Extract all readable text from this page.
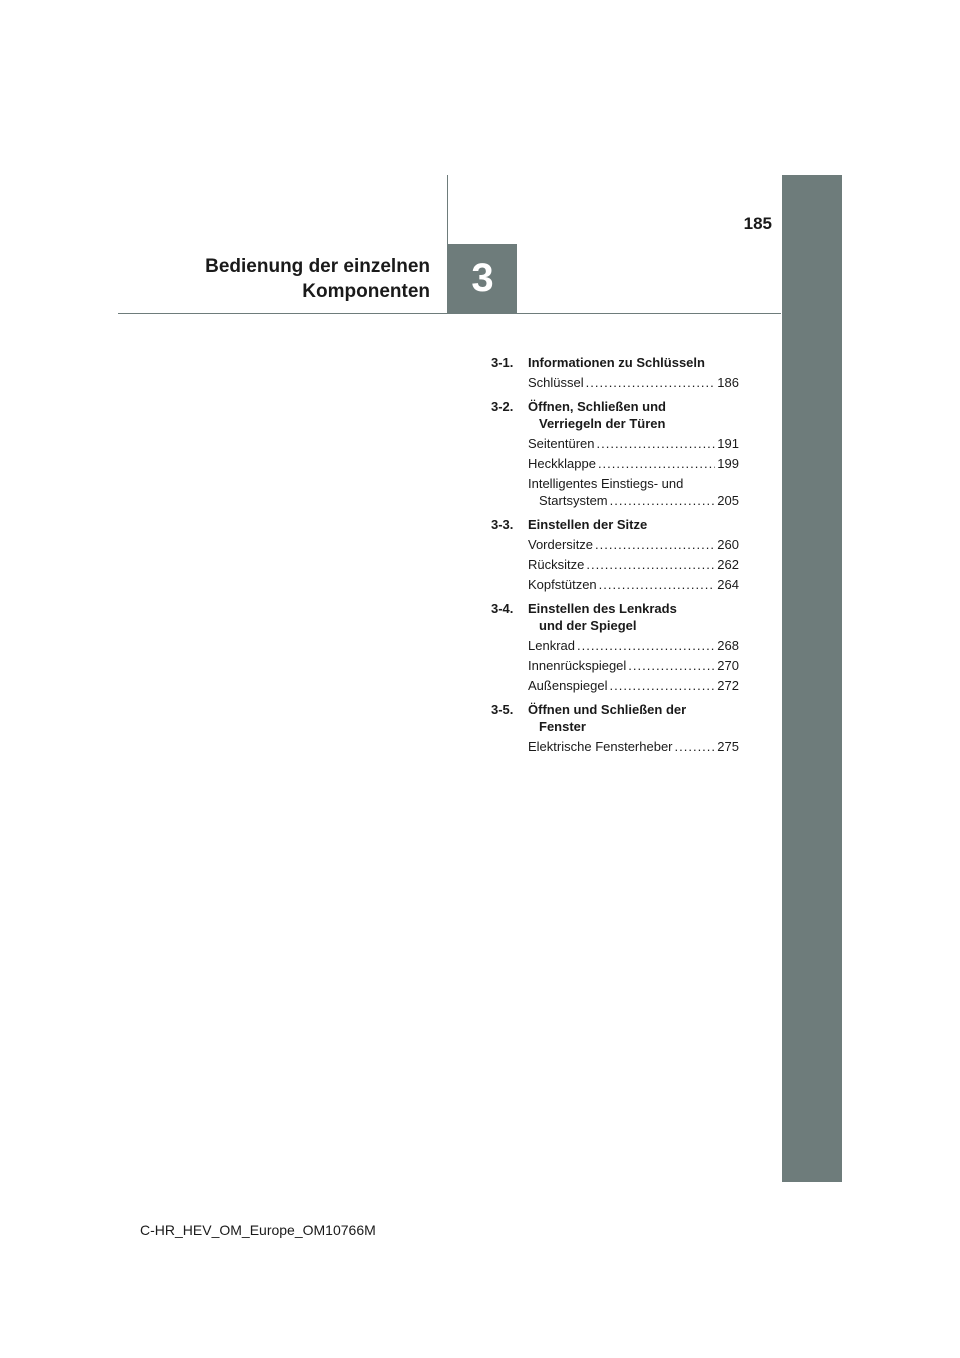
3
185
Bedienung der einzelnen
Komponenten
3-1. Informationen zu Schlüsseln
Schlüssel .....	186
3-2. Öffnen, Schließen und
Verriegeln der Türen
Seitentüren .....	191
Heckklappe .....	199
Intelligentes Einstiegs- und
Startsystem .....	205
3-3. Einstellen der Sitze
Vordersitze .....	260
Rücksitze .....	262
Kopfstützen .....	264
3-4. Einstellen des Lenkrads
und der Spiegel
Lenkrad .....	268
Innenrückspiegel .....	270
Außenspiegel .....	272
3-5. Öffnen und Schließen der
Fenster
Elektrische Fensterheber .....	275
C-HR_HEV_OM_Europe_OM10766M
